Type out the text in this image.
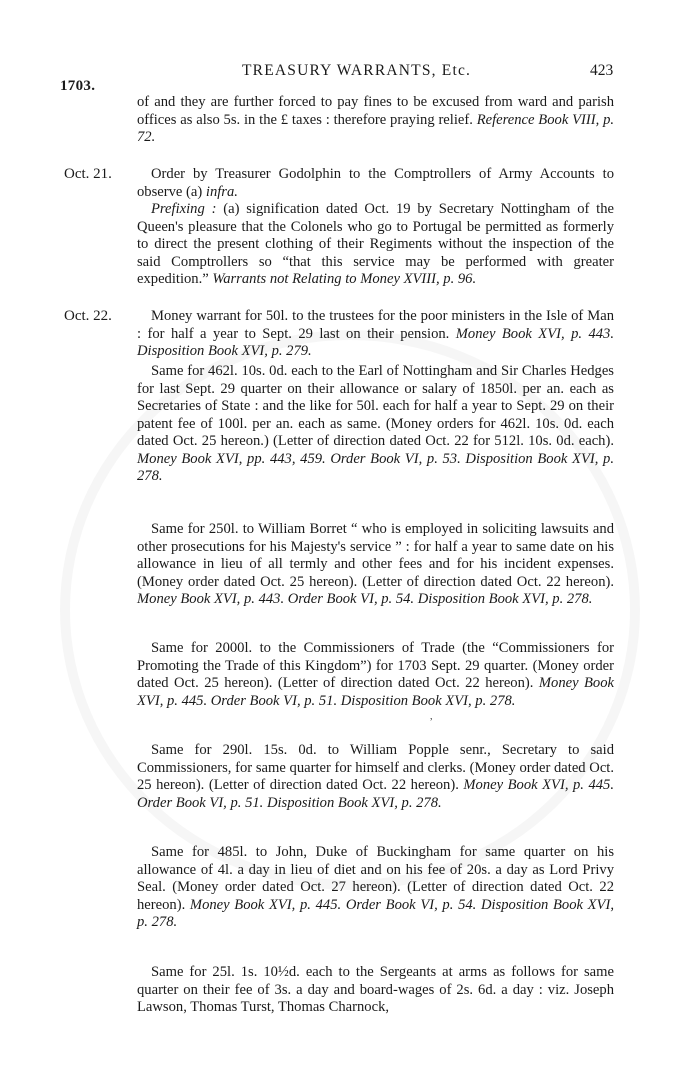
1703.
TREASURY WARRANTS, Etc.	423

of and they are further forced to pay fines to be excused from ward and parish offices as also 5s. in the £ taxes : therefore praying relief. Reference Book VIII, p. 72.

Oct. 21.	Order by Treasurer Godolphin to the Comptrollers of Army Accounts to observe (a) infra.

Prefixing : (a) signification dated Oct. 19 by Secretary Nottingham of the Queen's pleasure that the Colonels who go to Portugal be permitted as formerly to direct the present clothing of their Regiments without the inspection of the said Comptrollers so “that this service may be performed with greater expedition.” Warrants not Relating to Money XVIII, p. 96.

Oct. 22.	Money warrant for 50l. to the trustees for the poor ministers in the Isle of Man : for half a year to Sept. 29 last on their pension. Money Book XVI, p. 443. Disposition Book XVI, p. 279.

Same for 462l. 10s. 0d. each to the Earl of Nottingham and Sir Charles Hedges for last Sept. 29 quarter on their allowance or salary of 1850l. per an. each as Secretaries of State : and the like for 50l. each for half a year to Sept. 29 on their patent fee of 100l. per an. each as same. (Money orders for 462l. 10s. 0d. each dated Oct. 25 hereon.) (Letter of direction dated Oct. 22 for 512l. 10s. 0d. each). Money Book XVI, pp. 443, 459. Order Book VI, p. 53. Disposition Book XVI, p. 278.

Same for 250l. to William Borret “ who is employed in soliciting lawsuits and other prosecutions for his Majesty's service ” : for half a year to same date on his allowance in lieu of all termly and other fees and for his incident expenses. (Money order dated Oct. 25 hereon). (Letter of direction dated Oct. 22 hereon). Money Book XVI, p. 443. Order Book VI, p. 54. Disposition Book XVI, p. 278.

Same for 2000l. to the Commissioners of Trade (the “Commissioners for Promoting the Trade of this Kingdom”) for 1703 Sept. 29 quarter. (Money order dated Oct. 25 hereon). (Letter of direction dated Oct. 22 hereon). Money Book XVI, p. 445. Order Book VI, p. 51. Disposition Book XVI, p. 278.

,

Same for 290l. 15s. 0d. to William Popple senr., Secretary to said Commissioners, for same quarter for himself and clerks. (Money order dated Oct. 25 hereon). (Letter of direction dated Oct. 22 hereon). Money Book XVI, p. 445. Order Book VI, p. 51. Disposition Book XVI, p. 278.

Same for 485l. to John, Duke of Buckingham for same quarter on his allowance of 4l. a day in lieu of diet and on his fee of 20s. a day as Lord Privy Seal. (Money order dated Oct. 27 hereon). (Letter of direction dated Oct. 22 hereon). Money Book XVI, p. 445. Order Book VI, p. 54. Disposition Book XVI, p. 278.

Same for 25l. 1s. 10½d. each to the Sergeants at arms as follows for same quarter on their fee of 3s. a day and board-wages of 2s. 6d. a day : viz. Joseph Lawson, Thomas Turst, Thomas Charnock,
